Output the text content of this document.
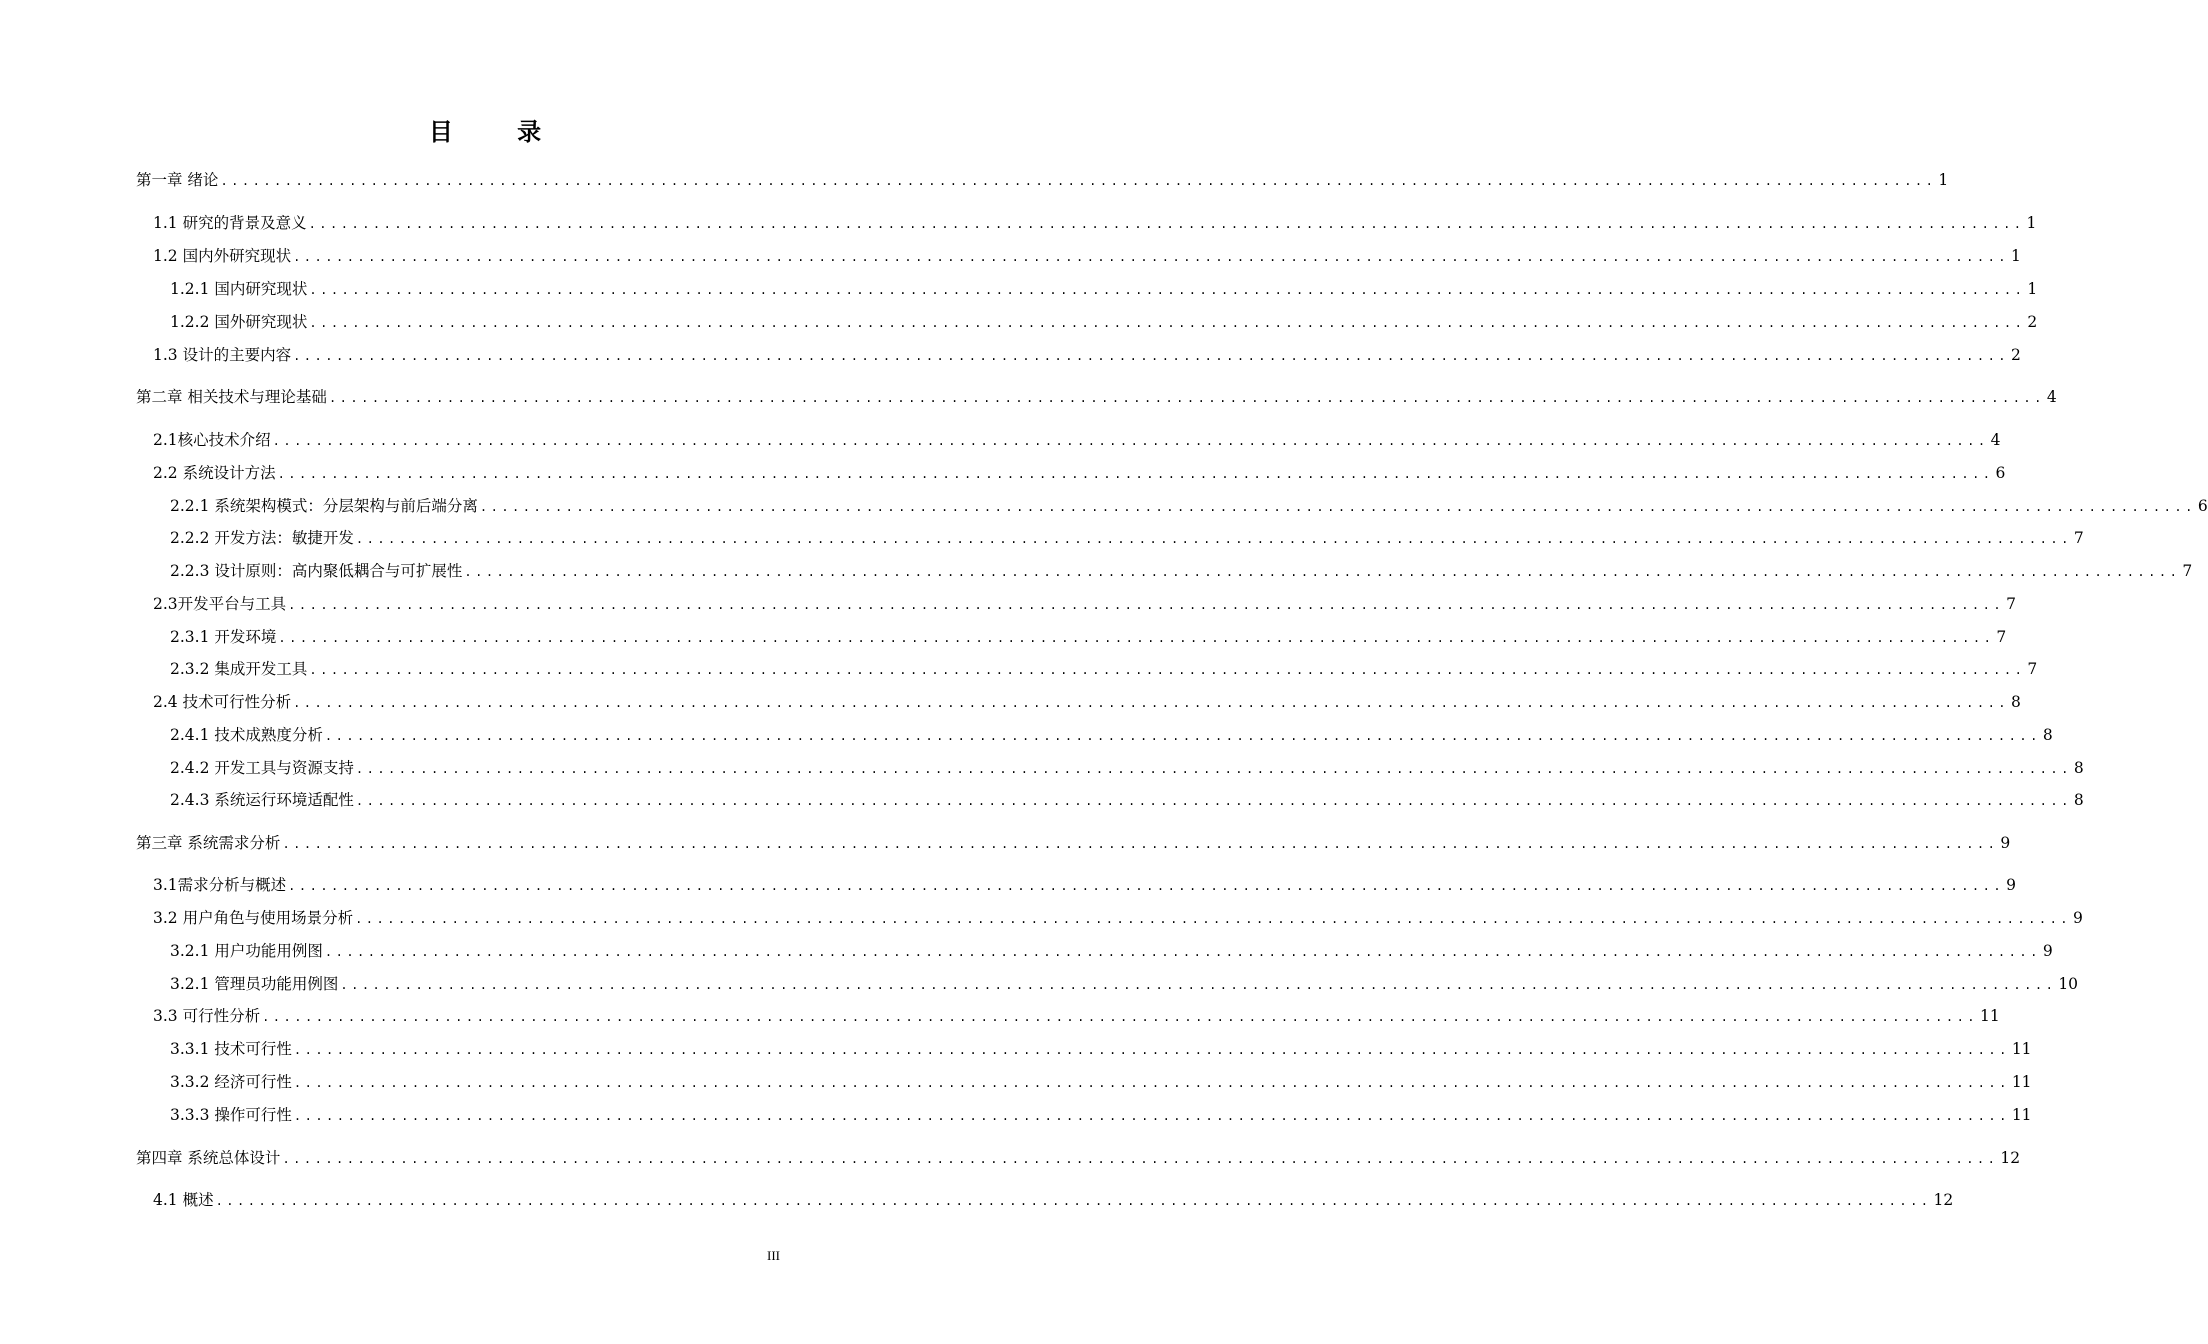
目 录
第一章 绪论 ................................................................................................................................................................ 1
1.1 研究的背景及意义 ................................................................................................................................................................ 1
1.2 国内外研究现状 ................................................................................................................................................................ 1
1.2.1 国内研究现状 ................................................................................................................................................................ 1
1.2.2 国外研究现状 ................................................................................................................................................................ 2
1.3 设计的主要内容 ................................................................................................................................................................ 2
第二章 相关技术与理论基础 ................................................................................................................................................................ 4
2.1核心技术介绍 ................................................................................................................................................................ 4
2.2 系统设计方法 ................................................................................................................................................................ 6
2.2.1 系统架构模式：分层架构与前后端分离 ................................................................................................................................................................ 6
2.2.2 开发方法：敏捷开发 ................................................................................................................................................................ 7
2.2.3 设计原则：高内聚低耦合与可扩展性 ................................................................................................................................................................ 7
2.3开发平台与工具 ................................................................................................................................................................ 7
2.3.1 开发环境 ................................................................................................................................................................ 7
2.3.2 集成开发工具 ................................................................................................................................................................ 7
2.4 技术可行性分析 ................................................................................................................................................................ 8
2.4.1 技术成熟度分析 ................................................................................................................................................................ 8
2.4.2 开发工具与资源支持 ................................................................................................................................................................ 8
2.4.3 系统运行环境适配性 ................................................................................................................................................................ 8
第三章 系统需求分析 ................................................................................................................................................................ 9
3.1需求分析与概述 ................................................................................................................................................................ 9
3.2 用户角色与使用场景分析 ................................................................................................................................................................ 9
3.2.1 用户功能用例图 ................................................................................................................................................................ 9
3.2.1 管理员功能用例图 ................................................................................................................................................................ 10
3.3 可行性分析 ................................................................................................................................................................ 11
3.3.1 技术可行性 ................................................................................................................................................................ 11
3.3.2 经济可行性 ................................................................................................................................................................ 11
3.3.3 操作可行性 ................................................................................................................................................................ 11
第四章 系统总体设计 ................................................................................................................................................................ 12
4.1 概述 ................................................................................................................................................................ 12
III
